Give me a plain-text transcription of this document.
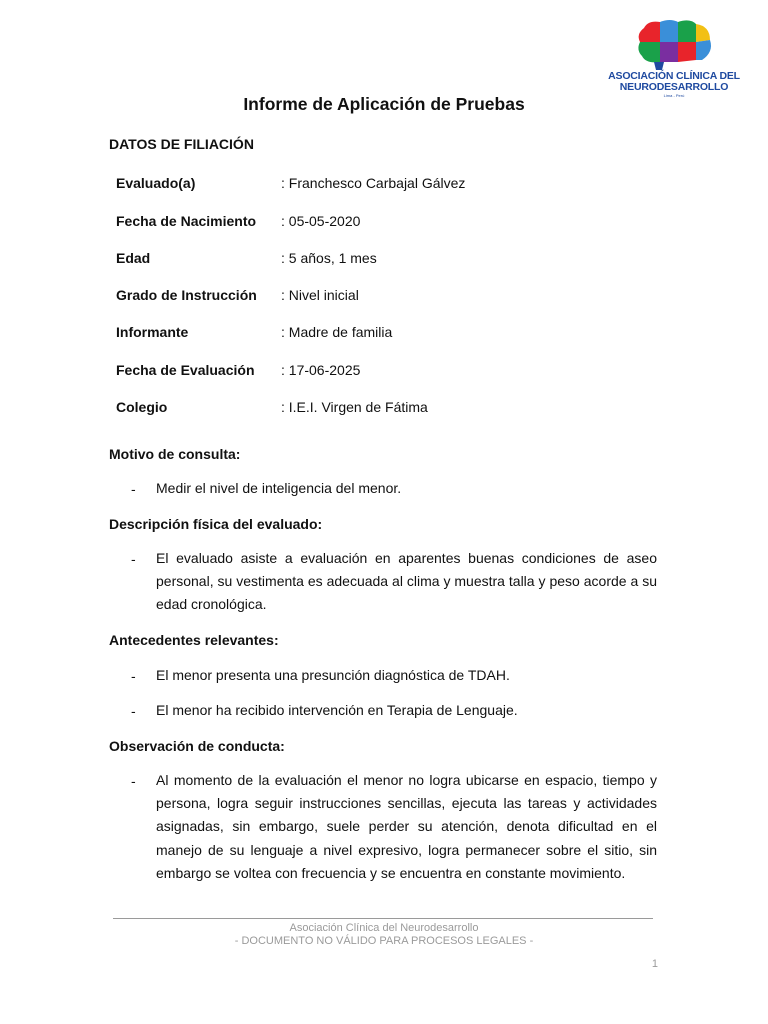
ASOCIACIÓN CLÍNICA DEL
NEURODESARROLLO
Lima - Perú
Informe de Aplicación de Pruebas
DATOS DE FILIACIÓN
Evaluado(a)	: Franchesco Carbajal Gálvez
Fecha de Nacimiento : 05-05-2020
Edad	: 5 años, 1 mes
Grado de Instrucción : Nivel inicial
Informante	: Madre de familia
Fecha de Evaluación : 17-06-2025
Colegio	: I.E.I. Virgen de Fátima
Motivo de consulta:
- Medir el nivel de inteligencia del menor.
Descripción física del evaluado:
- El evaluado asiste a evaluación en aparentes buenas condiciones de aseo personal, su vestimenta es adecuada al clima y muestra talla y peso acorde a su edad cronológica.
Antecedentes relevantes:
- El menor presenta una presunción diagnóstica de TDAH.
- El menor ha recibido intervención en Terapia de Lenguaje.
Observación de conducta:
- Al momento de la evaluación el menor no logra ubicarse en espacio, tiempo y persona, logra seguir instrucciones sencillas, ejecuta las tareas y actividades asignadas, sin embargo, suele perder su atención, denota dificultad en el manejo de su lenguaje a nivel expresivo, logra permanecer sobre el sitio, sin embargo se voltea con frecuencia y se encuentra en constante movimiento.
Asociación Clínica del Neurodesarrollo
- DOCUMENTO NO VÁLIDO PARA PROCESOS LEGALES -
1
